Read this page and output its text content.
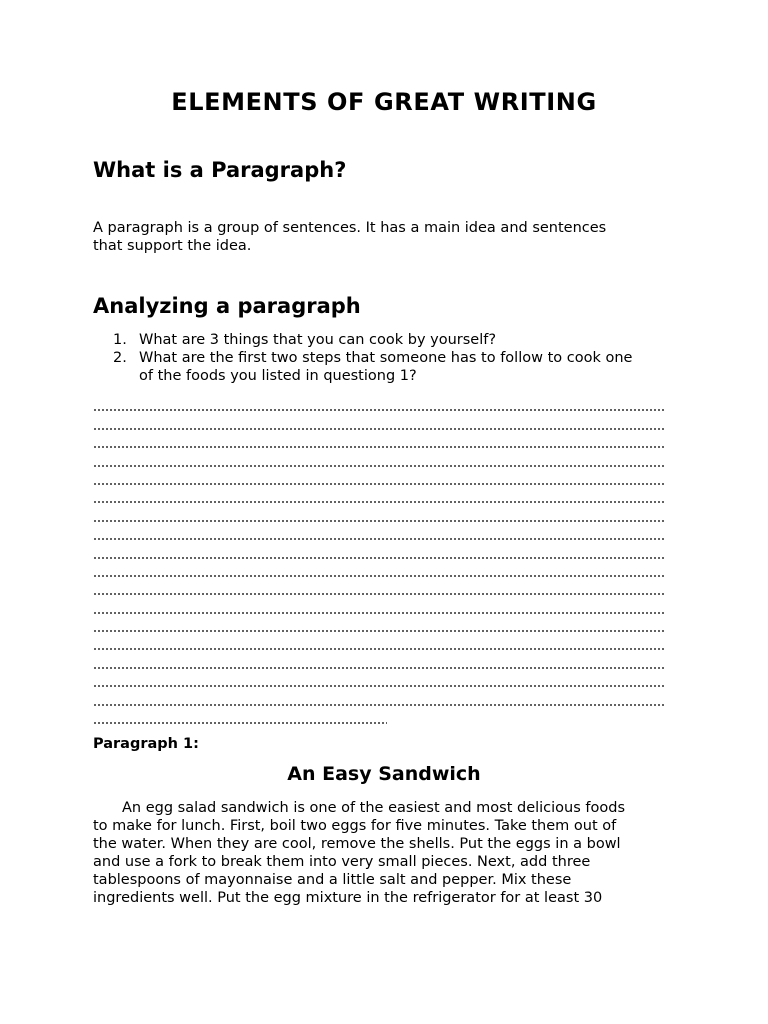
ELEMENTS OF GREAT WRITING
What is a Paragraph?
A paragraph is a group of sentences. It has a main idea and sentences
that support the idea.
Analyzing a paragraph
1. What are 3 things that you can cook by yourself?
2. What are the first two steps that someone has to follow to cook one
of the foods you listed in questiong 1?

Paragraph 1:

An Easy Sandwich
An egg salad sandwich is one of the easiest and most delicious foods
to make for lunch. First, boil two eggs for five minutes. Take them out of
the water. When they are cool, remove the shells. Put the eggs in a bowl
and use a fork to break them into very small pieces. Next, add three
tablespoons of mayonnaise and a little salt and pepper. Mix these
ingredients well. Put the egg mixture in the refrigerator for at least 30
